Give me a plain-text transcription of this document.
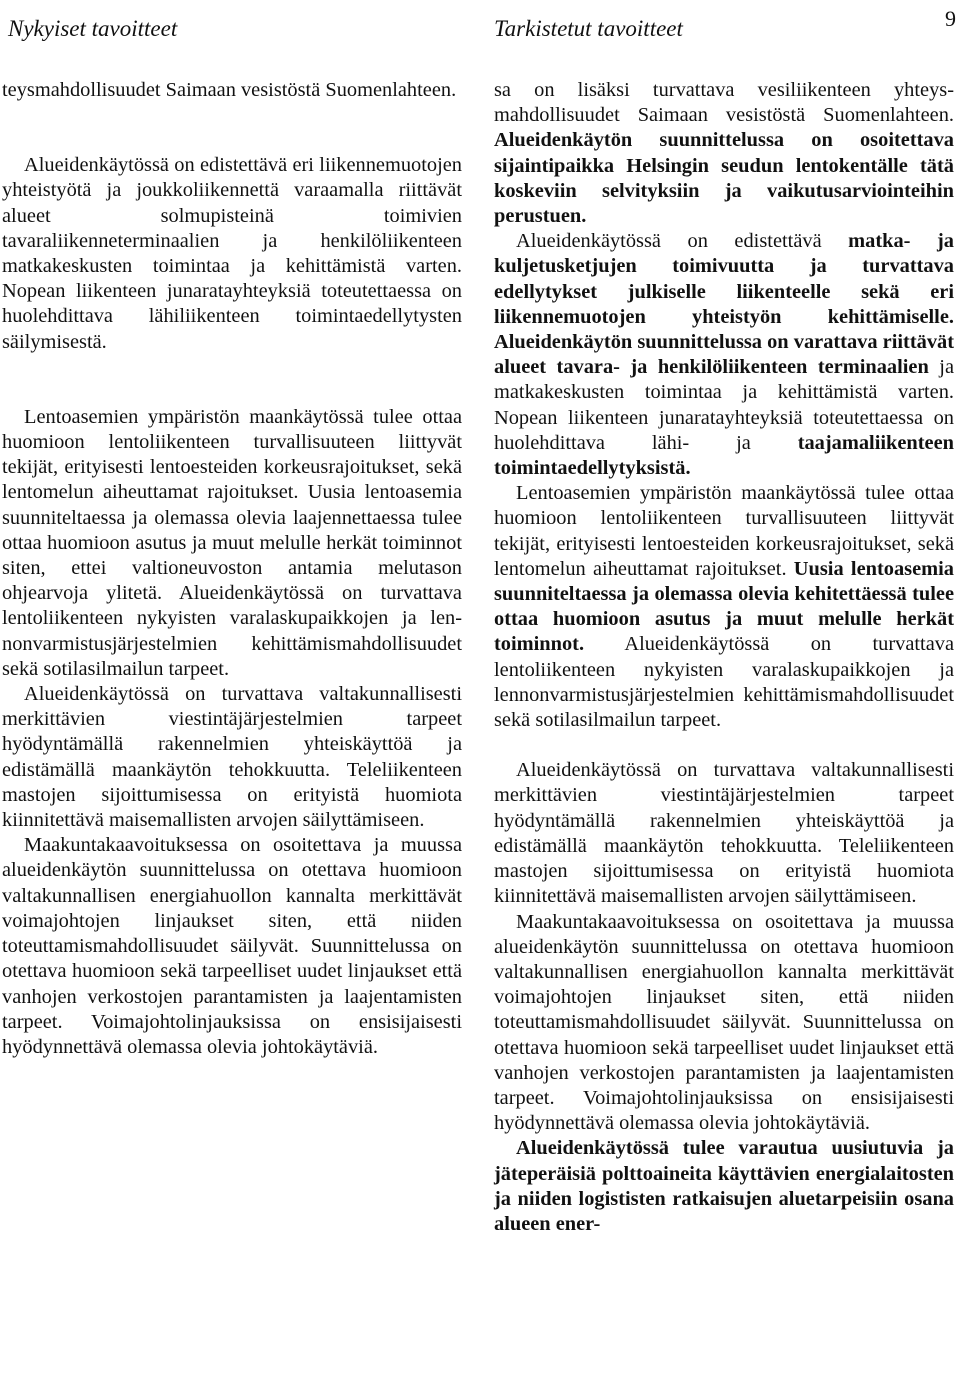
Nykyiset tavoitteet	Tarkistetut tavoitteet	9

teysmahdollisuudet Saimaan vesistöstä Suomenlahteen.

Alueidenkäytössä on edistettävä eri liikennemuotojen yhteistyötä ja joukkoliikennettä varaamalla riittävät alueet solmupisteinä toimivien tavaraliikenneterminaalien ja henkilöliikenteen matkakeskusten toimintaa ja kehittämistä varten. Nopean liikenteen junaratayhteyksiä toteutettaessa on huolehdittava lähiliikenteen toimintaedellytysten säilymisestä.

Lentoasemien ympäristön maankäytössä tulee ottaa huomioon lentoliikenteen turvallisuuteen liittyvät tekijät, erityisesti lentoesteiden korkeusrajoitukset, sekä lentomelun aiheuttamat rajoitukset. Uusia lentoasemia suunniteltaessa ja olemassa olevia laajennettaessa tulee ottaa huomioon asutus ja muut melulle herkät toiminnot siten, ettei valtioneuvoston antamia melutason ohjearvoja ylitetä. Alueidenkäytössä on turvattava lentoliikenteen nykyisten varalaskupaikkojen ja lennonvarmistusjärjestelmien kehittämismahdollisuudet sekä sotilasilmailun tarpeet.

Alueidenkäytössä on turvattava valtakunnallisesti merkittävien viestintäjärjestelmien tarpeet hyödyntämällä rakennelmien yhteiskäyttöä ja edistämällä maankäytön tehokkuutta. Teleliikenteen mastojen sijoittumisessa on erityistä huomiota kiinnitettävä maisemallisten arvojen säilyttämiseen.

Maakuntakaavoituksessa on osoitettava ja muussa alueidenkäytön suunnittelussa on otettava huomioon valtakunnallisen energiahuollon kannalta merkittävät voimajohtojen linjaukset siten, että niiden toteuttamismahdollisuudet säilyvät. Suunnittelussa on otettava huomioon sekä tarpeelliset uudet linjaukset että vanhojen verkostojen parantamisten ja laajentamisten tarpeet. Voimajohtolinjauksissa on ensisijaisesti hyödynnettävä olemassa olevia johtokäytäviä.

sa on lisäksi turvattava vesiliikenteen yhteysmahdollisuudet Saimaan vesistöstä Suomenlahteen. Alueidenkäytön suunnittelussa on osoitettava sijaintipaikka Helsingin seudun lentokentälle tätä koskeviin selvityksiin ja vaikutusarviointeihin perustuen.

Alueidenkäytössä on edistettävä matka- ja kuljetusketjujen toimivuutta ja turvattava edellytykset julkiselle liikenteelle sekä eri liikennemuotojen yhteistyön kehittämiselle. Alueidenkäytön suunnittelussa on varattava riittävät alueet tavara- ja henkilöliikenteen terminaalien ja matkakeskusten toimintaa ja kehittämistä varten. Nopean liikenteen junaratayhteyksiä toteutettaessa on huolehdittava lähi- ja taajamaliikenteen toimintaedellytyksistä.

Lentoasemien ympäristön maankäytössä tulee ottaa huomioon lentoliikenteen turvallisuuteen liittyvät tekijät, erityisesti lentoesteiden korkeusrajoitukset, sekä lentomelun aiheuttamat rajoitukset. Uusia lentoasemia suunniteltaessa ja olemassa olevia kehitettäessä tulee ottaa huomioon asutus ja muut melulle herkät toiminnot. Alueidenkäytössä on turvattava lentoliikenteen nykyisten varalaskupaikkojen ja lennonvarmistusjärjestelmien kehittämismahdollisuudet sekä sotilasilmailun tarpeet.

Alueidenkäytössä on turvattava valtakunnallisesti merkittävien viestintäjärjestelmien tarpeet hyödyntämällä rakennelmien yhteiskäyttöä ja edistämällä maankäytön tehokkuutta. Teleliikenteen mastojen sijoittumisessa on erityistä huomiota kiinnitettävä maisemallisten arvojen säilyttämiseen.

Maakuntakaavoituksessa on osoitettava ja muussa alueidenkäytön suunnittelussa on otettava huomioon valtakunnallisen energiahuollon kannalta merkittävät voimajohtojen linjaukset siten, että niiden toteuttamismahdollisuudet säilyvät. Suunnittelussa on otettava huomioon sekä tarpeelliset uudet linjaukset että vanhojen verkostojen parantamisten ja laajentamisten tarpeet. Voimajohtolinjauksissa on ensisijaisesti hyödynnettävä olemassa olevia johtokäytäviä.

Alueidenkäytössä tulee varautua uusiutuvia ja jäteperäisiä polttoaineita käyttävien energialaitosten ja niiden logististen ratkaisujen aluetarpeisiin osana alueen ener-
